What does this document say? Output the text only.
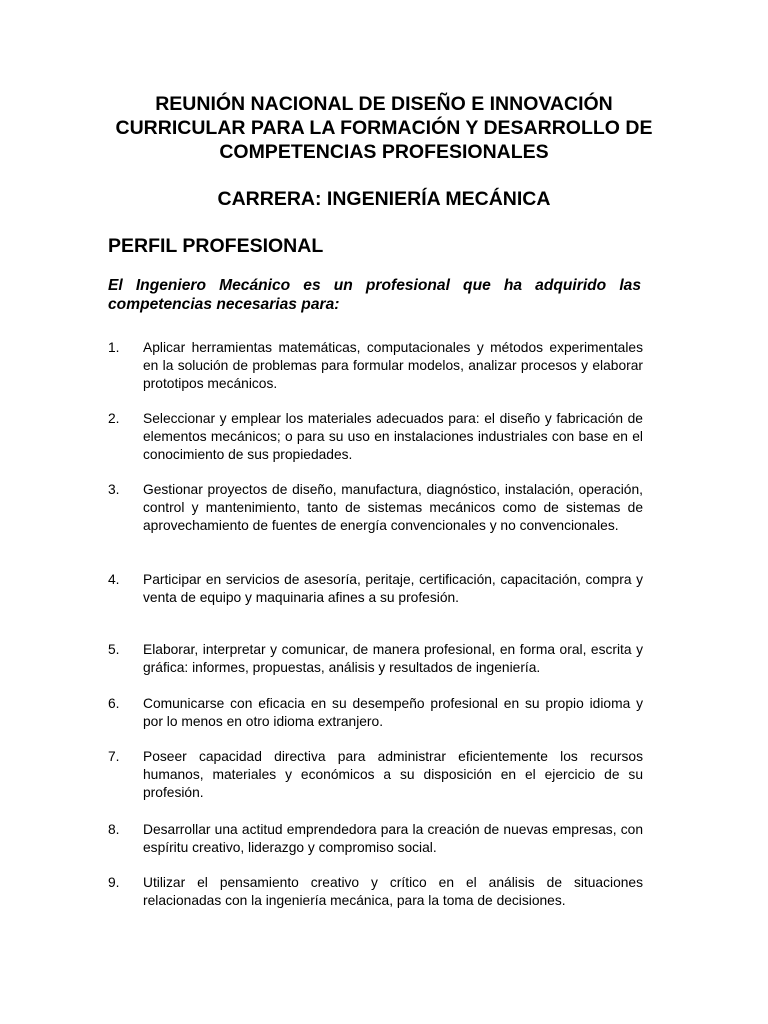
REUNIÓN NACIONAL DE DISEÑO E INNOVACIÓN
CURRICULAR PARA LA FORMACIÓN Y DESARROLLO DE
COMPETENCIAS PROFESIONALES
CARRERA: INGENIERÍA MECÁNICA
PERFIL PROFESIONAL
El Ingeniero Mecánico es un profesional que ha adquirido las competencias necesarias para:
1.	Aplicar herramientas matemáticas, computacionales y métodos experimentales en la solución de problemas para formular modelos, analizar procesos y elaborar prototipos mecánicos.
2.	Seleccionar y emplear los materiales adecuados para: el diseño y fabricación de elementos mecánicos; o para su uso en instalaciones industriales con base en el conocimiento de sus propiedades.
3.	Gestionar proyectos de diseño, manufactura, diagnóstico, instalación, operación, control y mantenimiento, tanto de sistemas mecánicos como de sistemas de aprovechamiento de fuentes de energía convencionales y no convencionales.
4.	Participar en servicios de asesoría, peritaje, certificación, capacitación, compra y venta de equipo y maquinaria afines a su profesión.
5.	Elaborar, interpretar y comunicar, de manera profesional, en forma oral, escrita y gráfica: informes, propuestas, análisis y resultados de ingeniería.
6.	Comunicarse con eficacia en su desempeño profesional en su propio idioma y por lo menos en otro idioma extranjero.
7.	Poseer capacidad directiva para administrar eficientemente los recursos humanos, materiales y económicos a su disposición en el ejercicio de su profesión.
8.	Desarrollar una actitud emprendedora para la creación de nuevas empresas, con espíritu creativo, liderazgo y compromiso social.
9.	Utilizar el pensamiento creativo y crítico en el análisis de situaciones relacionadas con la ingeniería mecánica, para la toma de decisiones.
